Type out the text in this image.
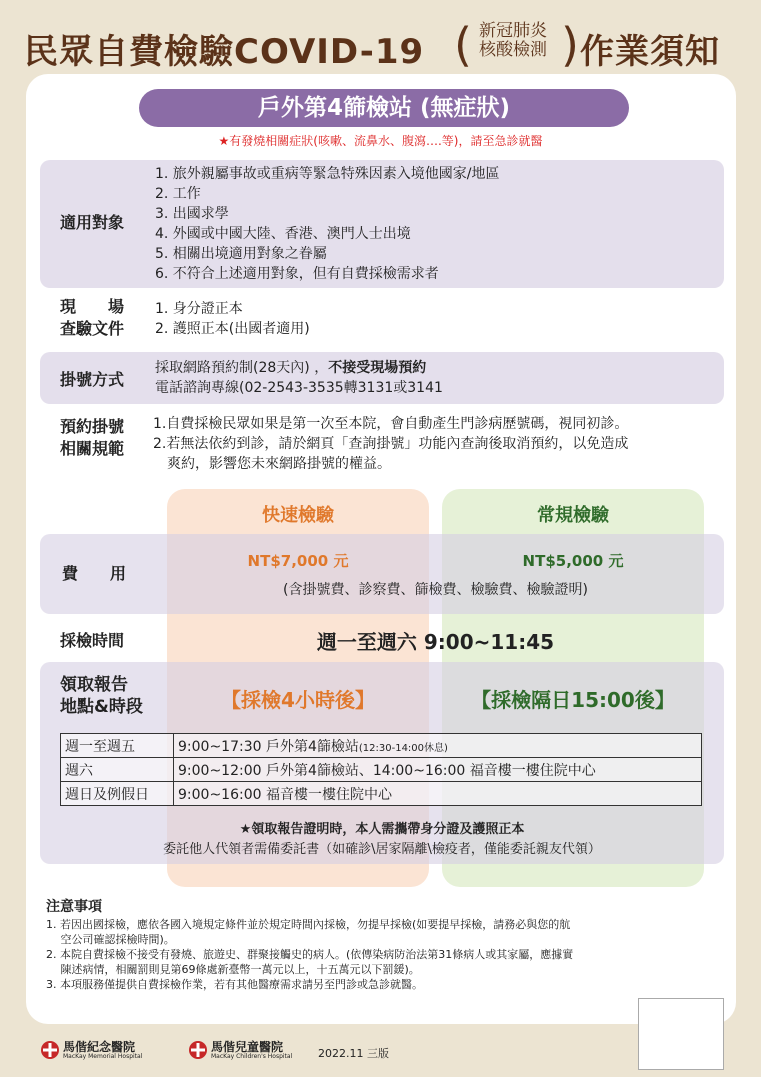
民眾自費檢驗COVID-19 ( 新冠肺炎
核酸檢測 ) 作業須知
戶外第4篩檢站 (無症狀)
★有發燒相關症狀(咳嗽、流鼻水、腹瀉….等)，請至急診就醫
適用對象
1. 旅外親屬事故或重病等緊急特殊因素入境他國家/地區
2. 工作
3. 出國求學
4. 外國或中國大陸、香港、澳門人士出境
5. 相關出境適用對象之眷屬
6. 不符合上述適用對象，但有自費採檢需求者
現　　場
查驗文件
1. 身分證正本
2. 護照正本(出國者適用)
掛號方式
採取網路預約制(28天內) ，不接受現場預約
電話諮詢專線(02-2543-3535轉3131或3141
預約掛號
相關規範
1.自費採檢民眾如果是第一次至本院，會自動產生門診病歷號碼，視同初診。
2.若無法依約到診，請於網頁「查詢掛號」功能內查詢後取消預約，以免造成
　爽約，影響您未來網路掛號的權益。
快速檢驗	常規檢驗
費　　用
NT$7,000 元	NT$5,000 元
(含掛號費、診察費、篩檢費、檢驗費、檢驗證明)
採檢時間	週一至週六 9:00~11:45
領取報告
地點&時段	【採檢4小時後】	【採檢隔日15:00後】
週一至週五	9:00~17:30 戶外第4篩檢站(12:30-14:00休息)
週六	9:00~12:00 戶外第4篩檢站、14:00~16:00 福音樓一樓住院中心
週日及例假日	9:00~16:00 福音樓一樓住院中心
★領取報告證明時，本人需攜帶身分證及護照正本
委託他人代領者需備委託書（如確診\居家隔離\檢疫者，僅能委託親友代領）
注意事項
1. 若因出國採檢，應依各國入境規定條件並於規定時間內採檢，勿提早採檢(如要提早採檢，請務必與您的航
　 空公司確認採檢時間)。
2. 本院自費採檢不接受有發燒、旅遊史、群聚接觸史的病人。(依傳染病防治法第31條病人或其家屬，應據實
　 陳述病情，相關罰則見第69條處新臺幣一萬元以上，十五萬元以下罰鍰)。
3. 本項服務僅提供自費採檢作業，若有其他醫療需求請另至門診或急診就醫。
馬偕紀念醫院
MacKay Memorial Hospital
馬偕兒童醫院
MacKay Children's Hospital 2022.11 三版
